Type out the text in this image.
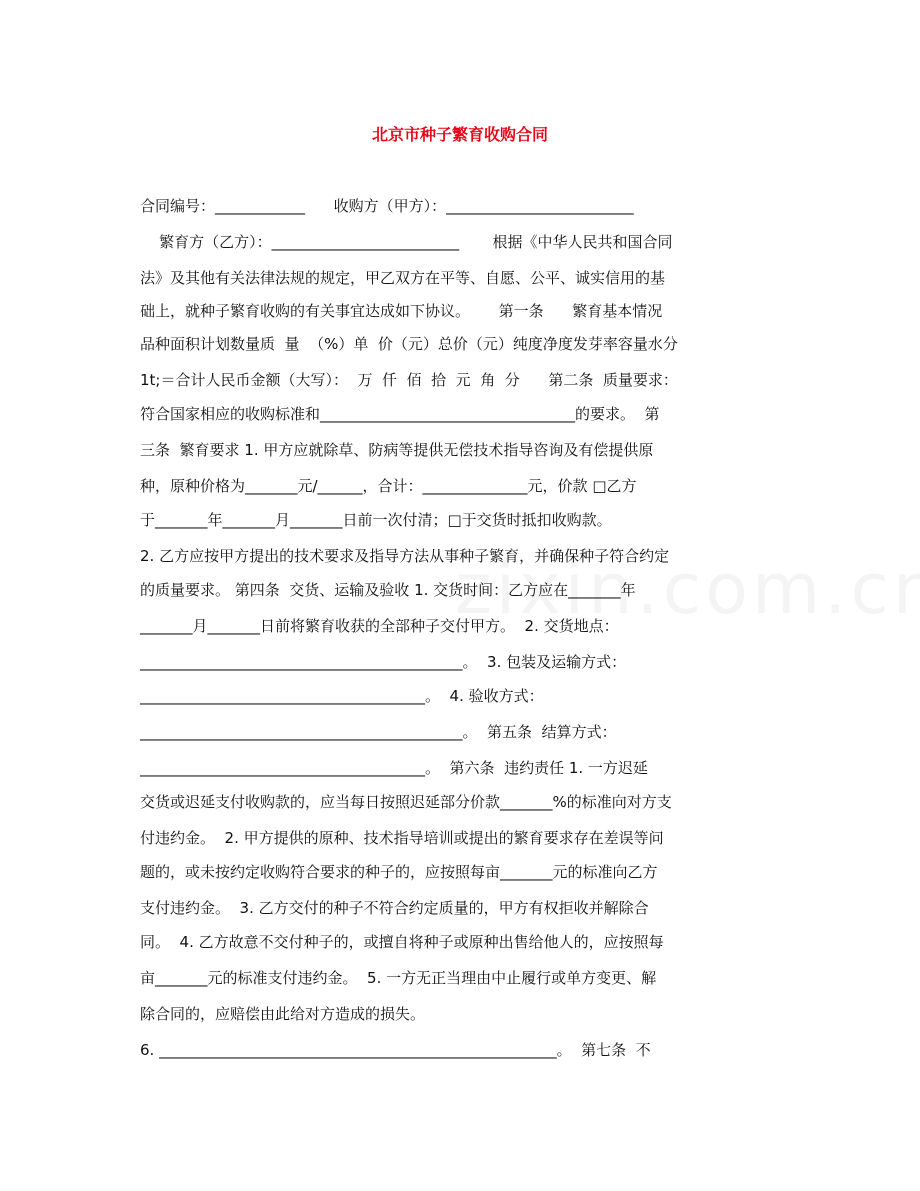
北京市种子繁育收购合同
合同编号：____________      收购方（甲方）：_________________________
繁育方（乙方）：_________________________       根据《中华人民共和国合同
法》及其他有关法律法规的规定，甲乙双方在平等、自愿、公平、诚实信用的基
础上，就种子繁育收购的有关事宜达成如下协议。      第一条      繁育基本情况
品种面积计划数量质  量  （%）单  价（元）总价（元）纯度净度发芽率容量水分
1t;＝合计人民币金额（大写）：  万  仟  佰  拾  元  角  分      第二条  质量要求：
符合国家相应的收购标准和__________________________________的要求。  第
三条  繁育要求 1. 甲方应就除草、防病等提供无偿技术指导咨询及有偿提供原
种，原种价格为_______元/______，合计：______________元，价款 □乙方
于_______年_______月_______日前一次付清；□于交货时抵扣收购款。
2. 乙方应按甲方提出的技术要求及指导方法从事种子繁育，并确保种子符合约定
的质量要求。 第四条  交货、运输及验收 1. 交货时间：乙方应在_______年
_______月_______日前将繁育收获的全部种子交付甲方。  2. 交货地点：
___________________________________________。  3. 包装及运输方式：
______________________________________。  4. 验收方式：
___________________________________________。  第五条  结算方式：
______________________________________。  第六条  违约责任 1. 一方迟延
交货或迟延支付收购款的，应当每日按照迟延部分价款_______%的标准向对方支
付违约金。  2. 甲方提供的原种、技术指导培训或提出的繁育要求存在差误等问
题的，或未按约定收购符合要求的种子的，应按照每亩_______元的标准向乙方
支付违约金。  3. 乙方交付的种子不符合约定质量的，甲方有权拒收并解除合
同。  4. 乙方故意不交付种子的，或擅自将种子或原种出售给他人的，应按照每
亩_______元的标准支付违约金。  5. 一方无正当理由中止履行或单方变更、解
除合同的，应赔偿由此给对方造成的损失。
6. _____________________________________________________。  第七条  不
